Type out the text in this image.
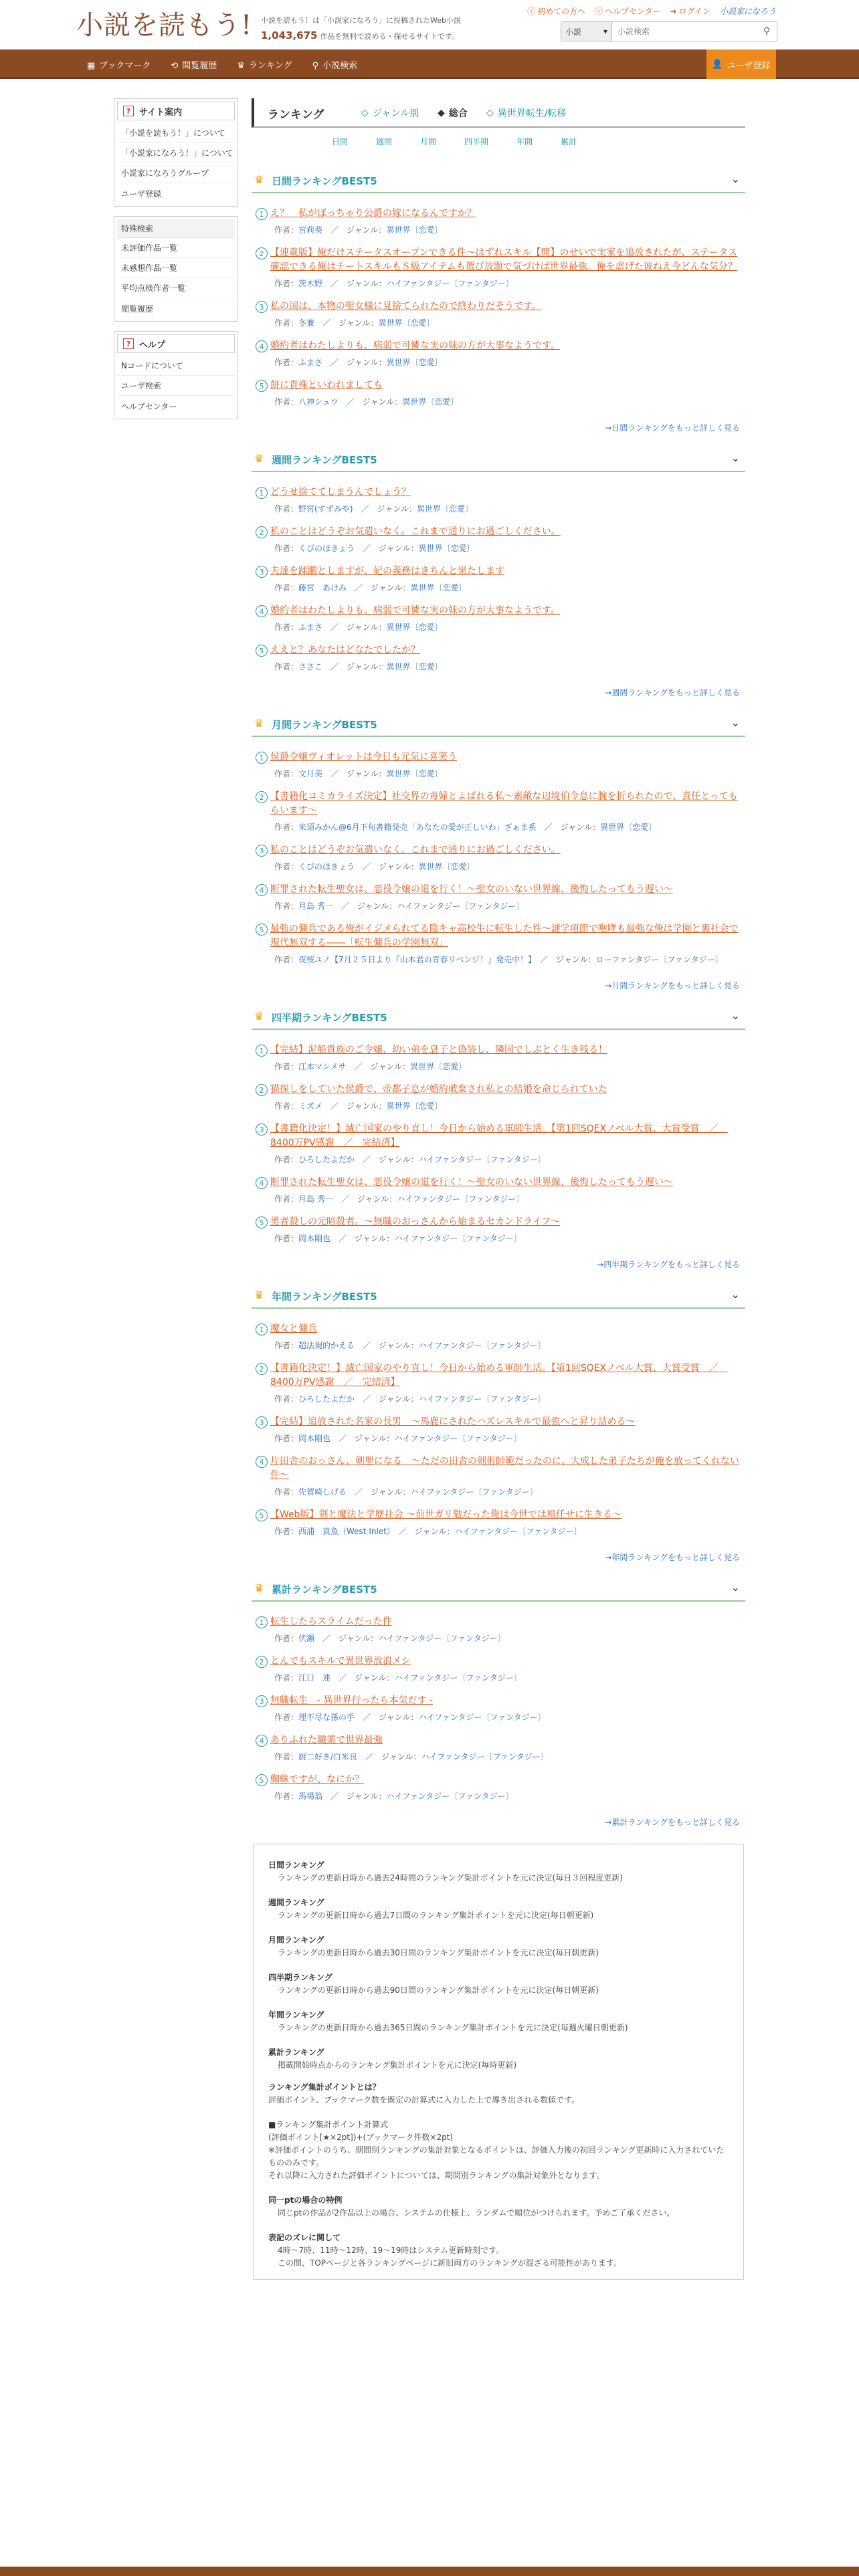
小説を読もう! 小説を読もう！は「小説家になろう」に投稿されたWeb小説
1,043,675 作品を無料で読める・探せるサイトです。
ⓘ 初めての方へ ⓘ ヘルプセンター ➜ ログイン 小説家になろう
小説	▾
小説検索	⚲
▦ ブックマーク ⟲ 閲覧履歴 ♛ ランキング ⚲ 小説検索	👤 ユーザ登録
? サイト案内
「小説を読もう！」について
「小説家になろう！」について
小説家になろうグループ
ユーザ登録
特殊検索
未評価作品一覧
未感想作品一覧
平均点検作者一覧
閲覧履歴
? ヘルプ
Nコードについて
ユーザ検索
ヘルプセンター
ランキング	◇ ジャンル別 ◆ 総合 ◇ 異世界転生/転移
日間	週間	月間	四半期	年間	累計
♛ 日間ランキングBEST5	⌄
1 え？　私がぼっちゃり公爵の嫁になるんですか？
作者：宮莉葵　／　ジャンル：異世界〔恋愛〕
2 【連載版】俺だけステータスオープンできる件～はずれスキル【開】のせいで実家を追放されたが、ステータス確認できる俺はチートスキルもＳ級アイテムも選び放題で気づけば世界最強。俺を虐げた彼ねえ今どんな気分？
作者：茨木野　／　ジャンル：ハイファンタジー〔ファンタジー〕
3 私の国は、本物の聖女様に見捨てられたので終わりだそうです。
作者：冬兼　／　ジャンル：異世界〔恋愛〕
4 婚約者はわたしよりも、病弱で可憐な実の妹の方が大事なようです。
作者：ふまさ　／　ジャンル：異世界〔恋愛〕
5 餅に貴殊といわれましても
作者：八神シュウ　／　ジャンル：異世界〔恋愛〕
→日間ランキングをもっと詳しく見る
♛ 週間ランキングBEST5	⌄
1 どうせ捨ててしまうんでしょう？
作者：野宮(すずみや)　／　ジャンル：異世界〔恋愛〕
2 私のことはどうぞお気遣いなく。これまで通りにお過ごしください。
作者：くびのほきょう　／　ジャンル：異世界〔恋愛〕
3 夫達を蹂躙としますが、妃の義務はきちんと果たします
作者：藤宮　あけみ　／　ジャンル：異世界〔恋愛〕
4 婚約者はわたしよりも、病弱で可憐な実の妹の方が大事なようです。
作者：ふまさ　／　ジャンル：異世界〔恋愛〕
5 ええと？あなたはどなたでしたか？
作者：ささこ　／　ジャンル：異世界〔恋愛〕
→週間ランキングをもっと詳しく見る
♛ 月間ランキングBEST5	⌄
1 侯爵令嬢ヴィオレットは今日も元気に喜笑う
作者：文月美　／　ジャンル：異世界〔恋愛〕
2 【書籍化コミカライズ決定】社交界の毒婦とよばれる私～素敵な辺境伯令息に腕を折られたので、責任とってもらいます～
作者：来須みかん@6月下旬書籍発売「あなたの愛が正しいわ」ざぁま系　／　ジャンル：異世界〔恋愛〕
3 私のことはどうぞお気遣いなく。これまで通りにお過ごしください。
作者：くびのほきょう　／　ジャンル：異世界〔恋愛〕
4 断罪された転生聖女は、悪役令嬢の道を行く！～聖女のいない世界線、後悔したってもう遅い～
作者：月島 秀一　／　ジャンル：ハイファンタジー〔ファンタジー〕
5 最強の傭兵である俺がイジメられてる陰キャ高校生に転生した件～謎学項節で咆哮も最強な俺は学園と裏社会で現代無双する――「転生傭兵の学園無双」
作者：夜桜ユノ【7月２５日より『山本君の青春リベンジ！』発売中！】　／　ジャンル：ローファンタジー〔ファンタジー〕
→月間ランキングをもっと詳しく見る
♛ 四半期ランキングBEST5	⌄
1 【完結】泥船貴族のご令嬢、幼い弟を息子と偽装し、隣国でしぶとく生き残る！
作者：江本マシメサ　／　ジャンル：異世界〔恋愛〕
2 猫探しをしていた侯爵で、帝都子息が婚約破棄され私との結婚を命じられていた
作者：ミズメ　／　ジャンル：異世界〔恋愛〕
3 【書籍化決定！】滅亡国家のやり直し！今日から始める軍師生活。【第1回SQEXノベル大賞、大賞受賞　／　8400万PV感謝　／　完結済】
作者：ひろしたよだか　／　ジャンル：ハイファンタジー〔ファンタジー〕
4 断罪された転生聖女は、悪役令嬢の道を行く！～聖女のいない世界線、後悔したってもう遅い～
作者：月島 秀一　／　ジャンル：ハイファンタジー〔ファンタジー〕
5 勇者殺しの元暗殺者。～無職のおっさんから始まるセカンドライフ～
作者：岡本剛也　／　ジャンル：ハイファンタジー〔ファンタジー〕
→四半期ランキングをもっと詳しく見る
♛ 年間ランキングBEST5	⌄
1 魔女と傭兵
作者：超法規的かえる　／　ジャンル：ハイファンタジー〔ファンタジー〕
2 【書籍化決定！】滅亡国家のやり直し！今日から始める軍師生活。【第1回SQEXノベル大賞、大賞受賞　／　8400万PV感謝　／　完結済】
作者：ひろしたよだか　／　ジャンル：ハイファンタジー〔ファンタジー〕
3 【完結】追放された名家の長男　～馬鹿にされたハズレスキルで最強へと昇り詰める～
作者：岡本剛也　／　ジャンル：ハイファンタジー〔ファンタジー〕
4 片田舎のおっさん、剣聖になる　～ただの田舎の剣術師範だったのに、大成した弟子たちが俺を放ってくれない件～
作者：佐賀崎しげる　／　ジャンル：ハイファンタジー〔ファンタジー〕
5 【Web版】剣と魔法と学歴社会 ～前世ガリ勉だった俺は今世では風任せに生きる～
作者：西浦　真魚（West Inlet）　／　ジャンル：ハイファンタジー〔ファンタジー〕
→年間ランキングをもっと詳しく見る
♛ 累計ランキングBEST5	⌄
1 転生したらスライムだった件
作者：伏瀬　／　ジャンル：ハイファンタジー〔ファンタジー〕
2 とんでもスキルで異世界放浪メシ
作者：江口　連　／　ジャンル：ハイファンタジー〔ファンタジー〕
3 無職転生　- 異世界行ったら本気だす -
作者：理不尽な孫の手　／　ジャンル：ハイファンタジー〔ファンタジー〕
4 ありふれた職業で世界最強
作者：厨二好き/白米良　／　ジャンル：ハイファンタジー〔ファンタジー〕
5 蜘蛛ですが、なにか？
作者：馬場翁　／　ジャンル：ハイファンタジー〔ファンタジー〕
→累計ランキングをもっと詳しく見る
日間ランキング
ランキングの更新日時から過去24時間のランキング集計ポイントを元に決定(毎日３回程度更新)
週間ランキング
ランキングの更新日時から過去7日間のランキング集計ポイントを元に決定(毎日朝更新)
月間ランキング
ランキングの更新日時から過去30日間のランキング集計ポイントを元に決定(毎日朝更新)
四半期ランキング
ランキングの更新日時から過去90日間のランキング集計ポイントを元に決定(毎日朝更新)
年間ランキング
ランキングの更新日時から過去365日間のランキング集計ポイントを元に決定(毎週火曜日朝更新)
累計ランキング
掲載開始時点からのランキング集計ポイントを元に決定(毎時更新)
ランキング集計ポイントとは？
評価ポイント、ブックマーク数を既定の計算式に入力した上で導き出される数値です。
■ランキング集計ポイント計算式
(評価ポイント[★×2pt])+(ブックマーク件数×2pt)
※評価ポイントのうち、期間別ランキングの集計対象となるポイントは、評価入力後の初回ランキング更新時に入力されていたもののみです。
それ以降に入力された評価ポイントについては、期間別ランキングの集計対象外となります。
同一ptの場合の特例
同じptの作品が2作品以上の場合、システムの仕様上、ランダムで順位がつけられます。予めご了承ください。
表記のズレに関して
4時～7時、11時～12時、19～19時はシステム更新時刻です。
この間、TOPページと各ランキングページに新旧両方のランキングが混ざる可能性があります。
